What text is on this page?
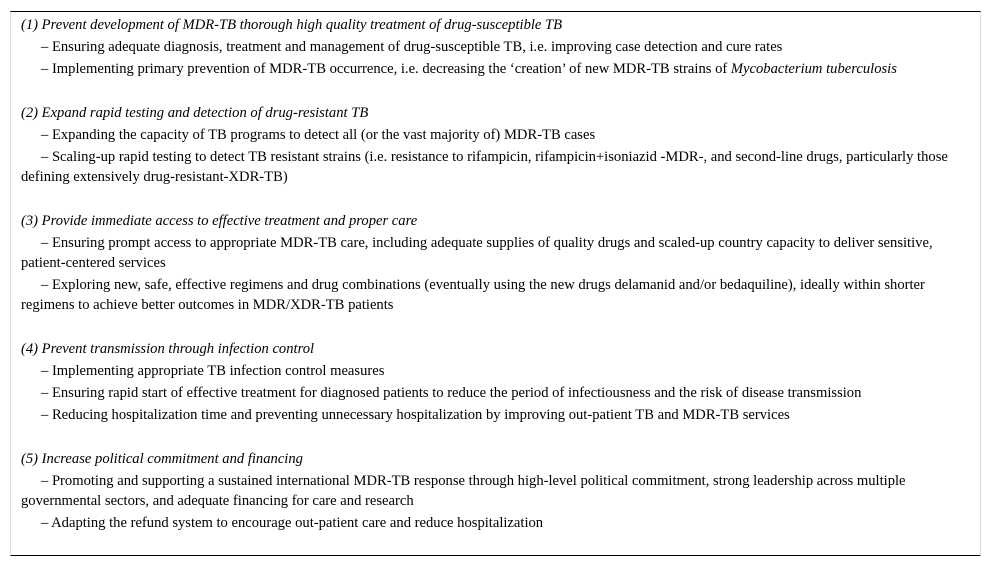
(1) Prevent development of MDR-TB thorough high quality treatment of drug-susceptible TB
– Ensuring adequate diagnosis, treatment and management of drug-susceptible TB, i.e. improving case detection and cure rates
– Implementing primary prevention of MDR-TB occurrence, i.e. decreasing the ‘creation’ of new MDR-TB strains of Mycobacterium tuberculosis
(2) Expand rapid testing and detection of drug-resistant TB
– Expanding the capacity of TB programs to detect all (or the vast majority of) MDR-TB cases
– Scaling-up rapid testing to detect TB resistant strains (i.e. resistance to rifampicin, rifampicin+isoniazid -MDR-, and second-line drugs, particularly those defining extensively drug-resistant-XDR-TB)
(3) Provide immediate access to effective treatment and proper care
– Ensuring prompt access to appropriate MDR-TB care, including adequate supplies of quality drugs and scaled-up country capacity to deliver sensitive, patient-centered services
– Exploring new, safe, effective regimens and drug combinations (eventually using the new drugs delamanid and/or bedaquiline), ideally within shorter regimens to achieve better outcomes in MDR/XDR-TB patients
(4) Prevent transmission through infection control
– Implementing appropriate TB infection control measures
– Ensuring rapid start of effective treatment for diagnosed patients to reduce the period of infectiousness and the risk of disease transmission
– Reducing hospitalization time and preventing unnecessary hospitalization by improving out-patient TB and MDR-TB services
(5) Increase political commitment and financing
– Promoting and supporting a sustained international MDR-TB response through high-level political commitment, strong leadership across multiple governmental sectors, and adequate financing for care and research
– Adapting the refund system to encourage out-patient care and reduce hospitalization
